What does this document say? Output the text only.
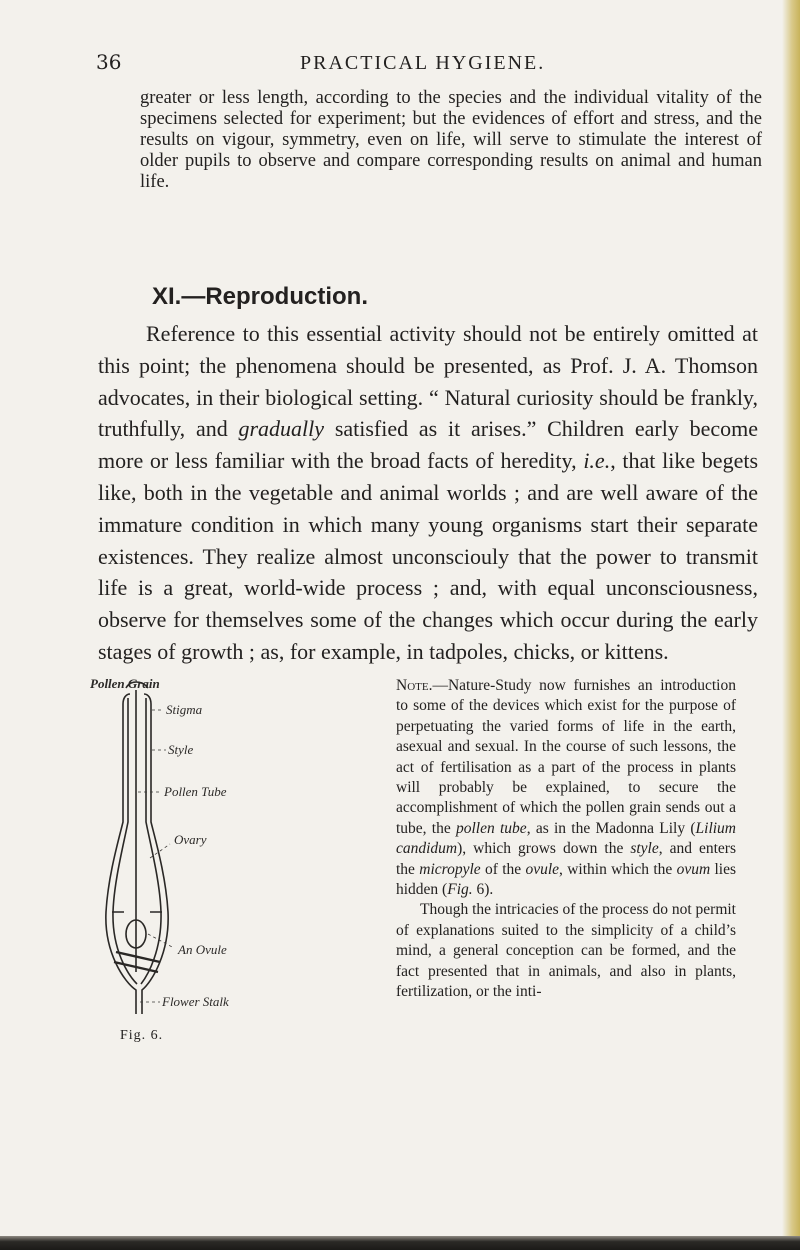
36	PRACTICAL HYGIENE.

greater or less length, according to the species and the individual vitality of the specimens selected for experiment; but the evidences of effort and stress, and the results on vigour, symmetry, even on life, will serve to stimulate the interest of older pupils to observe and compare corresponding results on animal and human life.

XI.—Reproduction.

Reference to this essential activity should not be entirely omitted at this point; the phenomena should be presented, as Prof. J. A. Thomson advocates, in their biological setting. “ Natural curiosity should be frankly, truthfully, and gradually satisfied as it arises.” Children early become more or less familiar with the broad facts of heredity, i.e., that like begets like, both in the vegetable and animal worlds ; and are well aware of the immature condition in which many young organisms start their separate existences. They realize almost unconsciouly that the power to transmit life is a great, world-wide process ; and, with equal unconsciousness, observe for themselves some of the changes which occur during the early stages of growth ; as, for example, in tadpoles, chicks, or kittens.

Pollen Grain
Stigma
Style
Pollen Tube
Ovary
An Ovule
Flower Stalk
Fig. 6.

Note.—Nature-Study now furnishes an introduction to some of the devices which exist for the purpose of perpetuating the varied forms of life in the earth, asexual and sexual. In the course of such lessons, the act of fertilisation as a part of the process in plants will probably be explained, to secure the accomplishment of which the pollen grain sends out a tube, the pollen tube, as in the Madonna Lily (Lilium candidum), which grows down the style, and enters the micropyle of the ovule, within which the ovum lies hidden (Fig. 6).

Though the intricacies of the process do not permit of explanations suited to the simplicity of a child’s mind, a general conception can be formed, and the fact presented that in animals, and also in plants, fertilization, or the inti-
